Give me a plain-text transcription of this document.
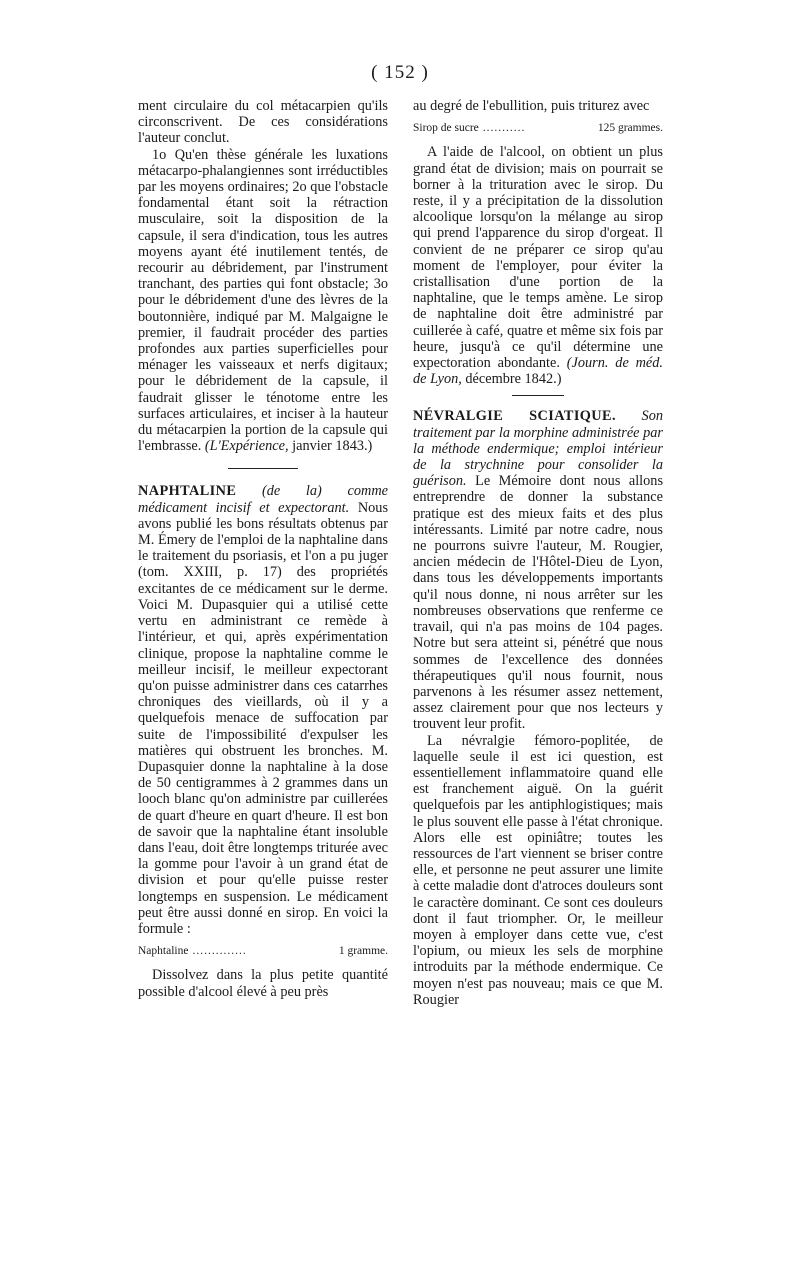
( 152 )

ment circulaire du col métacarpien qu'ils circonscrivent. De ces considérations l'auteur conclut.

1o Qu'en thèse générale les luxations métacarpo-phalangiennes sont irréductibles par les moyens ordinaires; 2o que l'obstacle fondamental étant soit la rétraction musculaire, soit la disposition de la capsule, il sera d'indication, tous les autres moyens ayant été inutilement tentés, de recourir au débridement, par l'instrument tranchant, des parties qui font obstacle; 3o pour le débridement d'une des lèvres de la boutonnière, indiqué par M. Malgaigne le premier, il faudrait procéder des parties profondes aux parties superficielles pour ménager les vaisseaux et nerfs digitaux; pour le débridement de la capsule, il faudrait glisser le ténotome entre les surfaces articulaires, et inciser à la hauteur du métacarpien la portion de la capsule qui l'embrasse. (L'Expérience, janvier 1843.)

NAPHTALINE (de la) comme médicament incisif et expectorant. Nous avons publié les bons résultats obtenus par M. Émery de l'emploi de la naphtaline dans le traitement du psoriasis, et l'on a pu juger (tom. XXIII, p. 17) des propriétés excitantes de ce médicament sur le derme. Voici M. Dupasquier qui a utilisé cette vertu en administrant ce remède à l'intérieur, et qui, après expérimentation clinique, propose la naphtaline comme le meilleur incisif, le meilleur expectorant qu'on puisse administrer dans ces catarrhes chroniques des vieillards, où il y a quelquefois menace de suffocation par suite de l'impossibilité d'expulser les matières qui obstruent les bronches. M. Dupasquier donne la naphtaline à la dose de 50 centigrammes à 2 grammes dans un looch blanc qu'on administre par cuillerées de quart d'heure en quart d'heure. Il est bon de savoir que la naphtaline étant insoluble dans l'eau, doit être longtemps triturée avec la gomme pour l'avoir à un grand état de division et pour qu'elle puisse rester longtemps en suspension. Le médicament peut être aussi donné en sirop. En voici la formule :

Naphtaline ..............	1 gramme.

Dissolvez dans la plus petite quantité possible d'alcool élevé à peu près

au degré de l'ebullition, puis triturez avec

Sirop de sucre ...........	125 grammes.

A l'aide de l'alcool, on obtient un plus grand état de division; mais on pourrait se borner à la trituration avec le sirop. Du reste, il y a précipitation de la dissolution alcoolique lorsqu'on la mélange au sirop qui prend l'apparence du sirop d'orgeat. Il convient de ne préparer ce sirop qu'au moment de l'employer, pour éviter la cristallisation d'une portion de la naphtaline, que le temps amène. Le sirop de naphtaline doit être administré par cuillerée à café, quatre et même six fois par heure, jusqu'à ce qu'il détermine une expectoration abondante. (Journ. de méd. de Lyon, décembre 1842.)

NÉVRALGIE SCIATIQUE. Son traitement par la morphine administrée par la méthode endermique; emploi intérieur de la strychnine pour consolider la guérison. Le Mémoire dont nous allons entreprendre de donner la substance pratique est des mieux faits et des plus intéressants. Limité par notre cadre, nous ne pourrons suivre l'auteur, M. Rougier, ancien médecin de l'Hôtel-Dieu de Lyon, dans tous les développements importants qu'il nous donne, ni nous arrêter sur les nombreuses observations que renferme ce travail, qui n'a pas moins de 104 pages. Notre but sera atteint si, pénétré que nous sommes de l'excellence des données thérapeutiques qu'il nous fournit, nous parvenons à les résumer assez nettement, assez clairement pour que nos lecteurs y trouvent leur profit.

La névralgie fémoro-poplitée, de laquelle seule il est ici question, est essentiellement inflammatoire quand elle est franchement aiguë. On la guérit quelquefois par les antiphlogistiques; mais le plus souvent elle passe à l'état chronique. Alors elle est opiniâtre; toutes les ressources de l'art viennent se briser contre elle, et personne ne peut assurer une limite à cette maladie dont d'atroces douleurs sont le caractère dominant. Ce sont ces douleurs dont il faut triompher. Or, le meilleur moyen à employer dans cette vue, c'est l'opium, ou mieux les sels de morphine introduits par la méthode endermique. Ce moyen n'est pas nouveau; mais ce que M. Rougier
